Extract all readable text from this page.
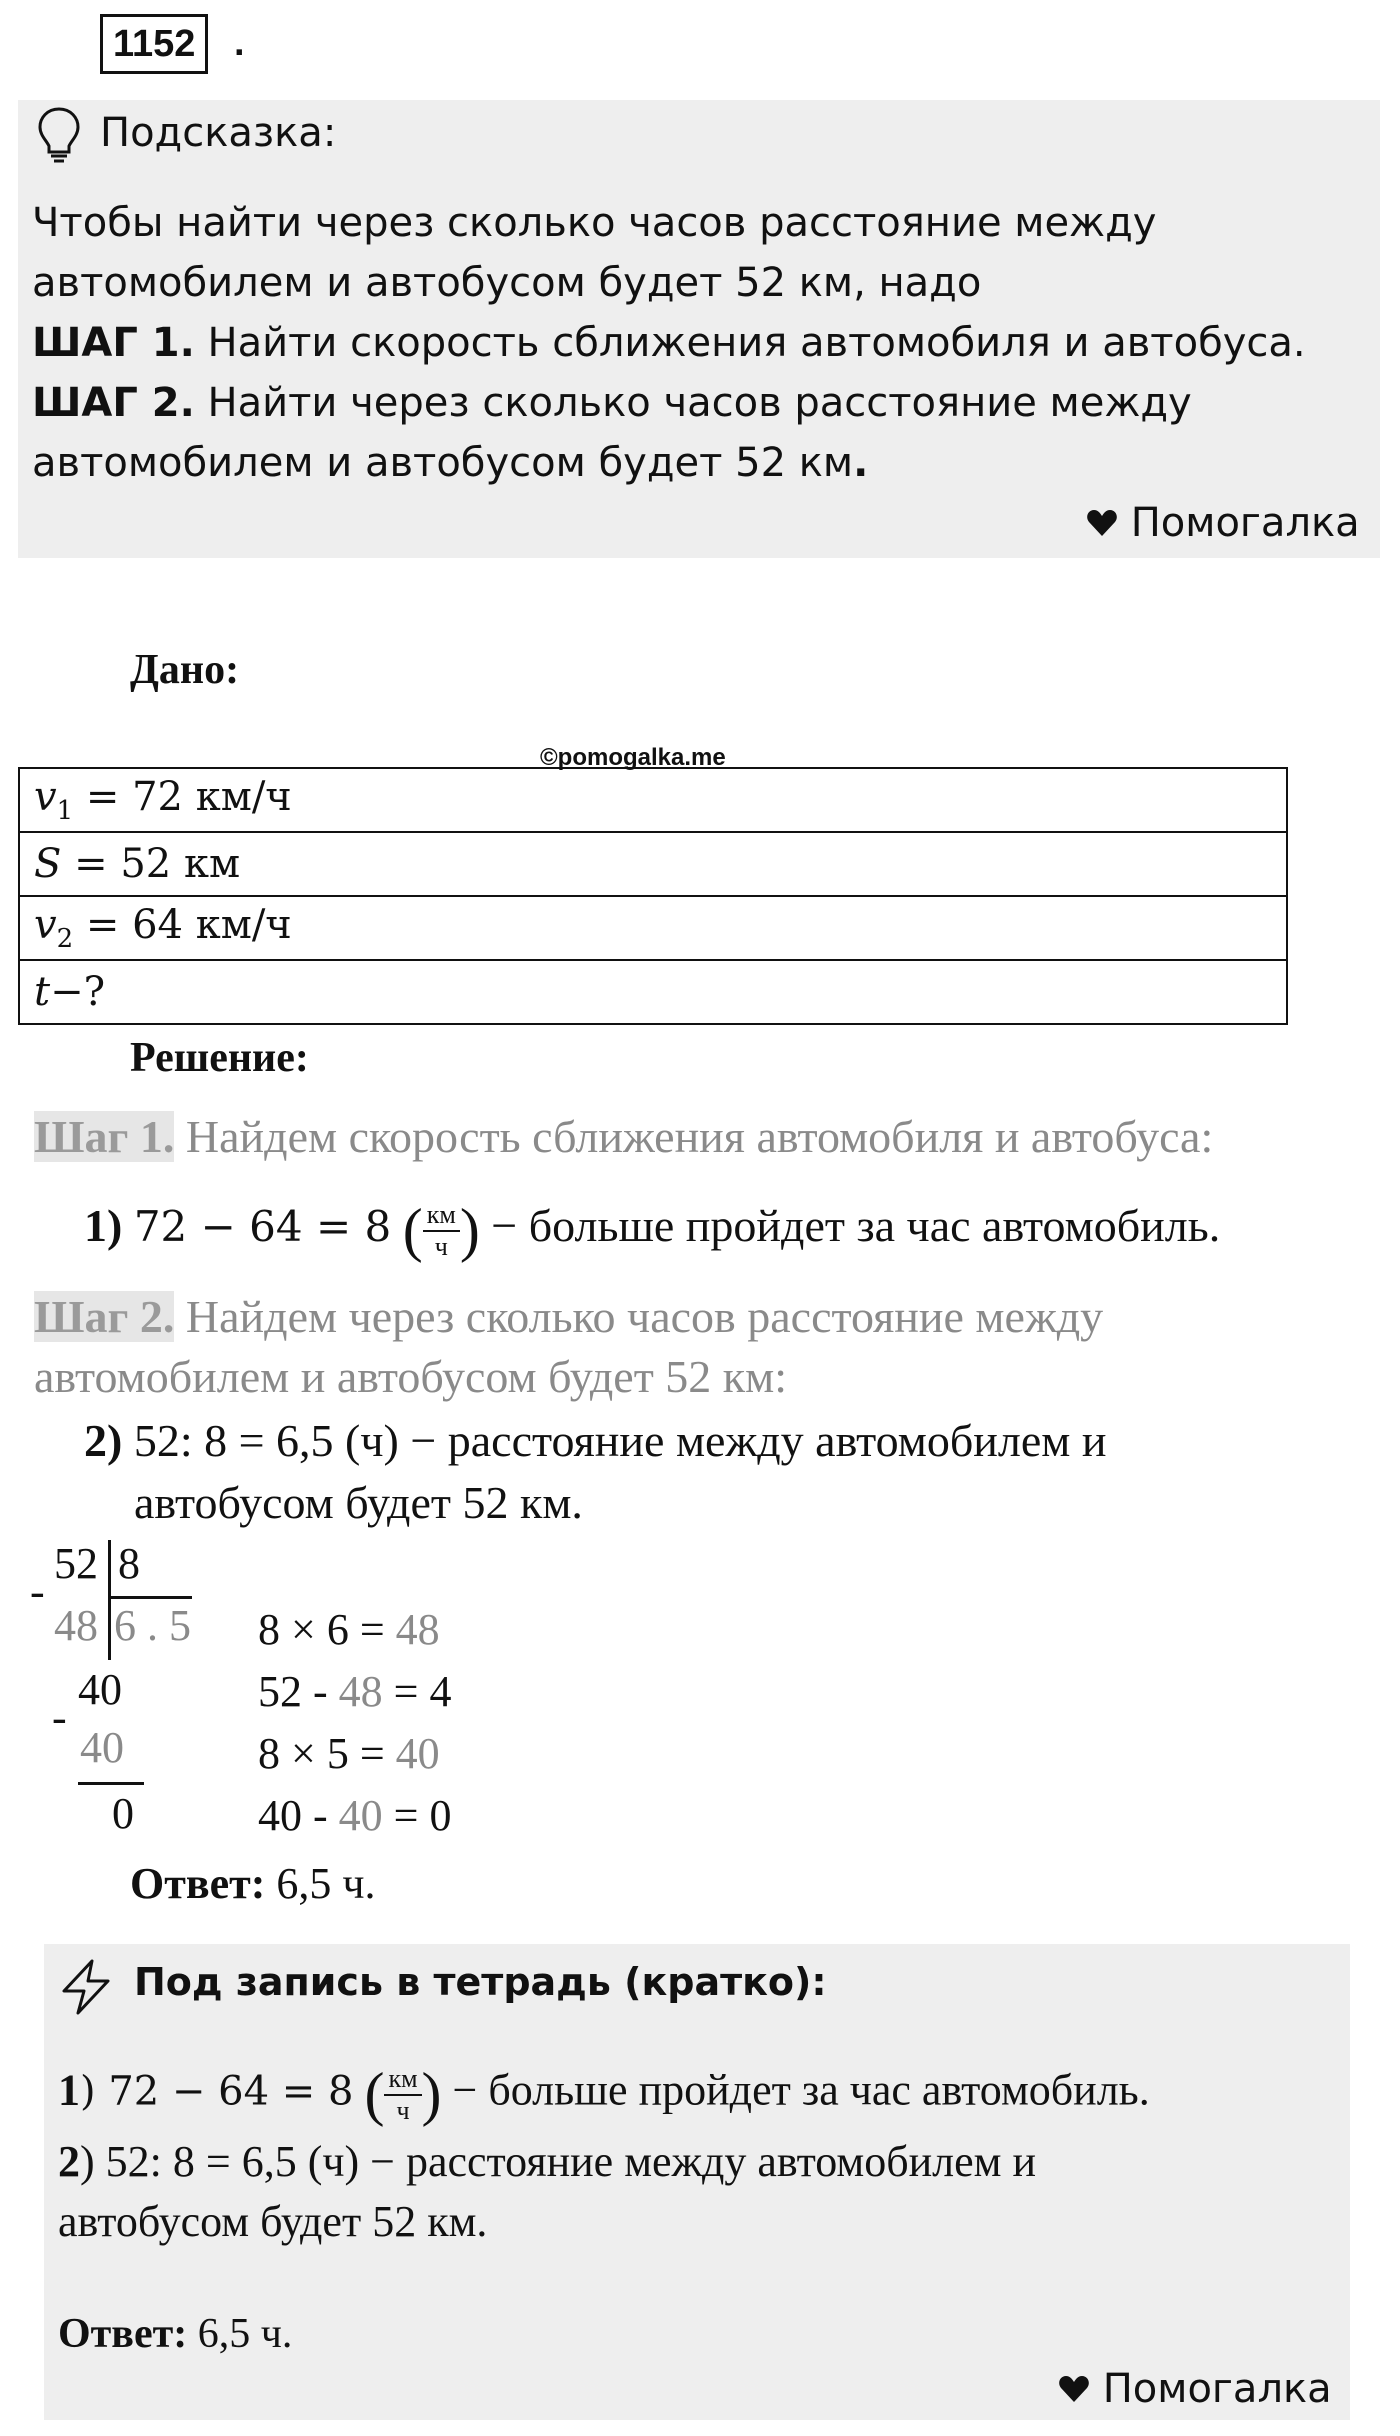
1152	.
Подсказка:
Чтобы найти через сколько часов расстояние между
автомобилем и автобусом будет 52 км, надо
ШАГ 1. Найти скорость сближения автомобиля и автобуса.
ШАГ 2. Найти через сколько часов расстояние между
автомобилем и автобусом будет 52 км.
Помогалка
Дано:
©pomogalka.me
$v_1 = 72$ км/ч
S = 52 км
$v_2 = 64$ км/ч
t−?
Решение:
Шаг 1. Найдем скорость сближения автомобиля и автобуса:
1) 72 − 64 = 8 ( $\frac{км}{ч}$ ) − больше пройдет за час автомобиль.
Шаг 2. Найдем через сколько часов расстояние между
автомобилем и автобусом будет 52 км:
2) 52: 8 = 6,5 (ч) − расстояние между автомобилем и
автобусом будет 52 км.
52 8
-
48 6 . 5
40
-
40
0
8 × 6 = 48
52 - 48 = 4
8 × 5 = 40
40 - 40 = 0
Ответ: 6,5 ч.
Под запись в тетрадь (кратко):
1) 72 − 64 = 8 ( $\frac{км}{ч}$ ) − больше пройдет за час автомобиль.
2) 52: 8 = 6,5 (ч) − расстояние между автомобилем и
автобусом будет 52 км.
Ответ: 6,5 ч.
Помогалка
